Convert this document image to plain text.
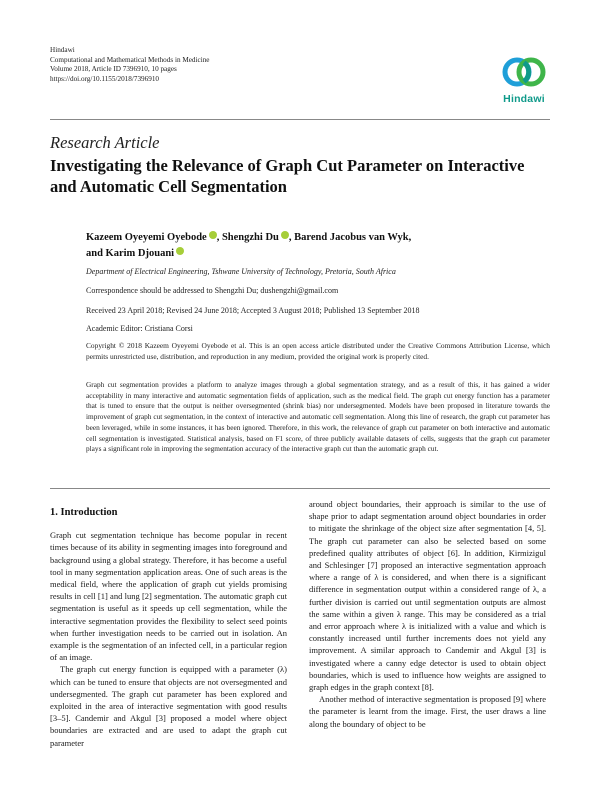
Hindawi
Computational and Mathematical Methods in Medicine
Volume 2018, Article ID 7396910, 10 pages
https://doi.org/10.1155/2018/7396910
Hindawi
Research Article
Investigating the Relevance of Graph Cut Parameter on Interactive and Automatic Cell Segmentation
Kazeem Oyeyemi Oyebode , Shengzhi Du , Barend Jacobus van Wyk,
and Karim Djouani
Department of Electrical Engineering, Tshwane University of Technology, Pretoria, South Africa
Correspondence should be addressed to Shengzhi Du; dushengzhi@gmail.com
Received 23 April 2018; Revised 24 June 2018; Accepted 3 August 2018; Published 13 September 2018
Academic Editor: Cristiana Corsi
Copyright © 2018 Kazeem Oyeyemi Oyebode et al. This is an open access article distributed under the Creative Commons Attribution License, which permits unrestricted use, distribution, and reproduction in any medium, provided the original work is properly cited.
Graph cut segmentation provides a platform to analyze images through a global segmentation strategy, and as a result of this, it has gained a wider acceptability in many interactive and automatic segmentation fields of application, such as the medical field. The graph cut energy function has a parameter that is tuned to ensure that the output is neither oversegmented (shrink bias) nor undersegmented. Models have been proposed in literature towards the improvement of graph cut segmentation, in the context of interactive and automatic cell segmentation. Along this line of research, the graph cut parameter has been leveraged, while in some instances, it has been ignored. Therefore, in this work, the relevance of graph cut parameter on both interactive and automatic cell segmentation is investigated. Statistical analysis, based on F1 score, of three publicly available datasets of cells, suggests that the graph cut parameter plays a significant role in improving the segmentation accuracy of the interactive graph cut than the automatic graph cut.
1. Introduction

Graph cut segmentation technique has become popular in recent times because of its ability in segmenting images into foreground and background using a global strategy. Therefore, it has become a useful tool in many segmentation application areas. One of such areas is the medical field, where the application of graph cut yields promising results in cell [1] and lung [2] segmentation. The automatic graph cut segmentation is useful as it speeds up cell segmentation, while the interactive segmentation provides the flexibility to select seed points when further investigation needs to be carried out in isolation. An example is the segmentation of an infected cell, in a particular region of an image.

The graph cut energy function is equipped with a parameter (λ) which can be tuned to ensure that objects are not oversegmented and undersegmented. The graph cut parameter has been explored and exploited in the area of interactive segmentation with good results [3–5]. Candemir and Akgul [3] proposed a model where object boundaries are extracted and are used to adapt the graph cut parameter

around object boundaries, their approach is similar to the use of shape prior to adapt segmentation around object boundaries in order to mitigate the shrinkage of the object size after segmentation [4, 5]. The graph cut parameter can also be selected based on some predefined quality attributes of object [6]. In addition, Kirmizigul and Schlesinger [7] proposed an interactive segmentation approach where a range of λ is considered, and when there is a significant difference in segmentation output within a considered range of λ, a further division is carried out until segmentation outputs are almost the same within a given λ range. This may be considered as a trial and error approach where λ is initialized with a value and which is constantly increased until further increments does not yield any improvement. A similar approach to Candemir and Akgul [3] is investigated where a canny edge detector is used to obtain object boundaries, which is used to influence how weights are assigned to graph edges in the graph context [8].

Another method of interactive segmentation is proposed [9] where the parameter is learnt from the image. First, the user draws a line along the boundary of object to be
